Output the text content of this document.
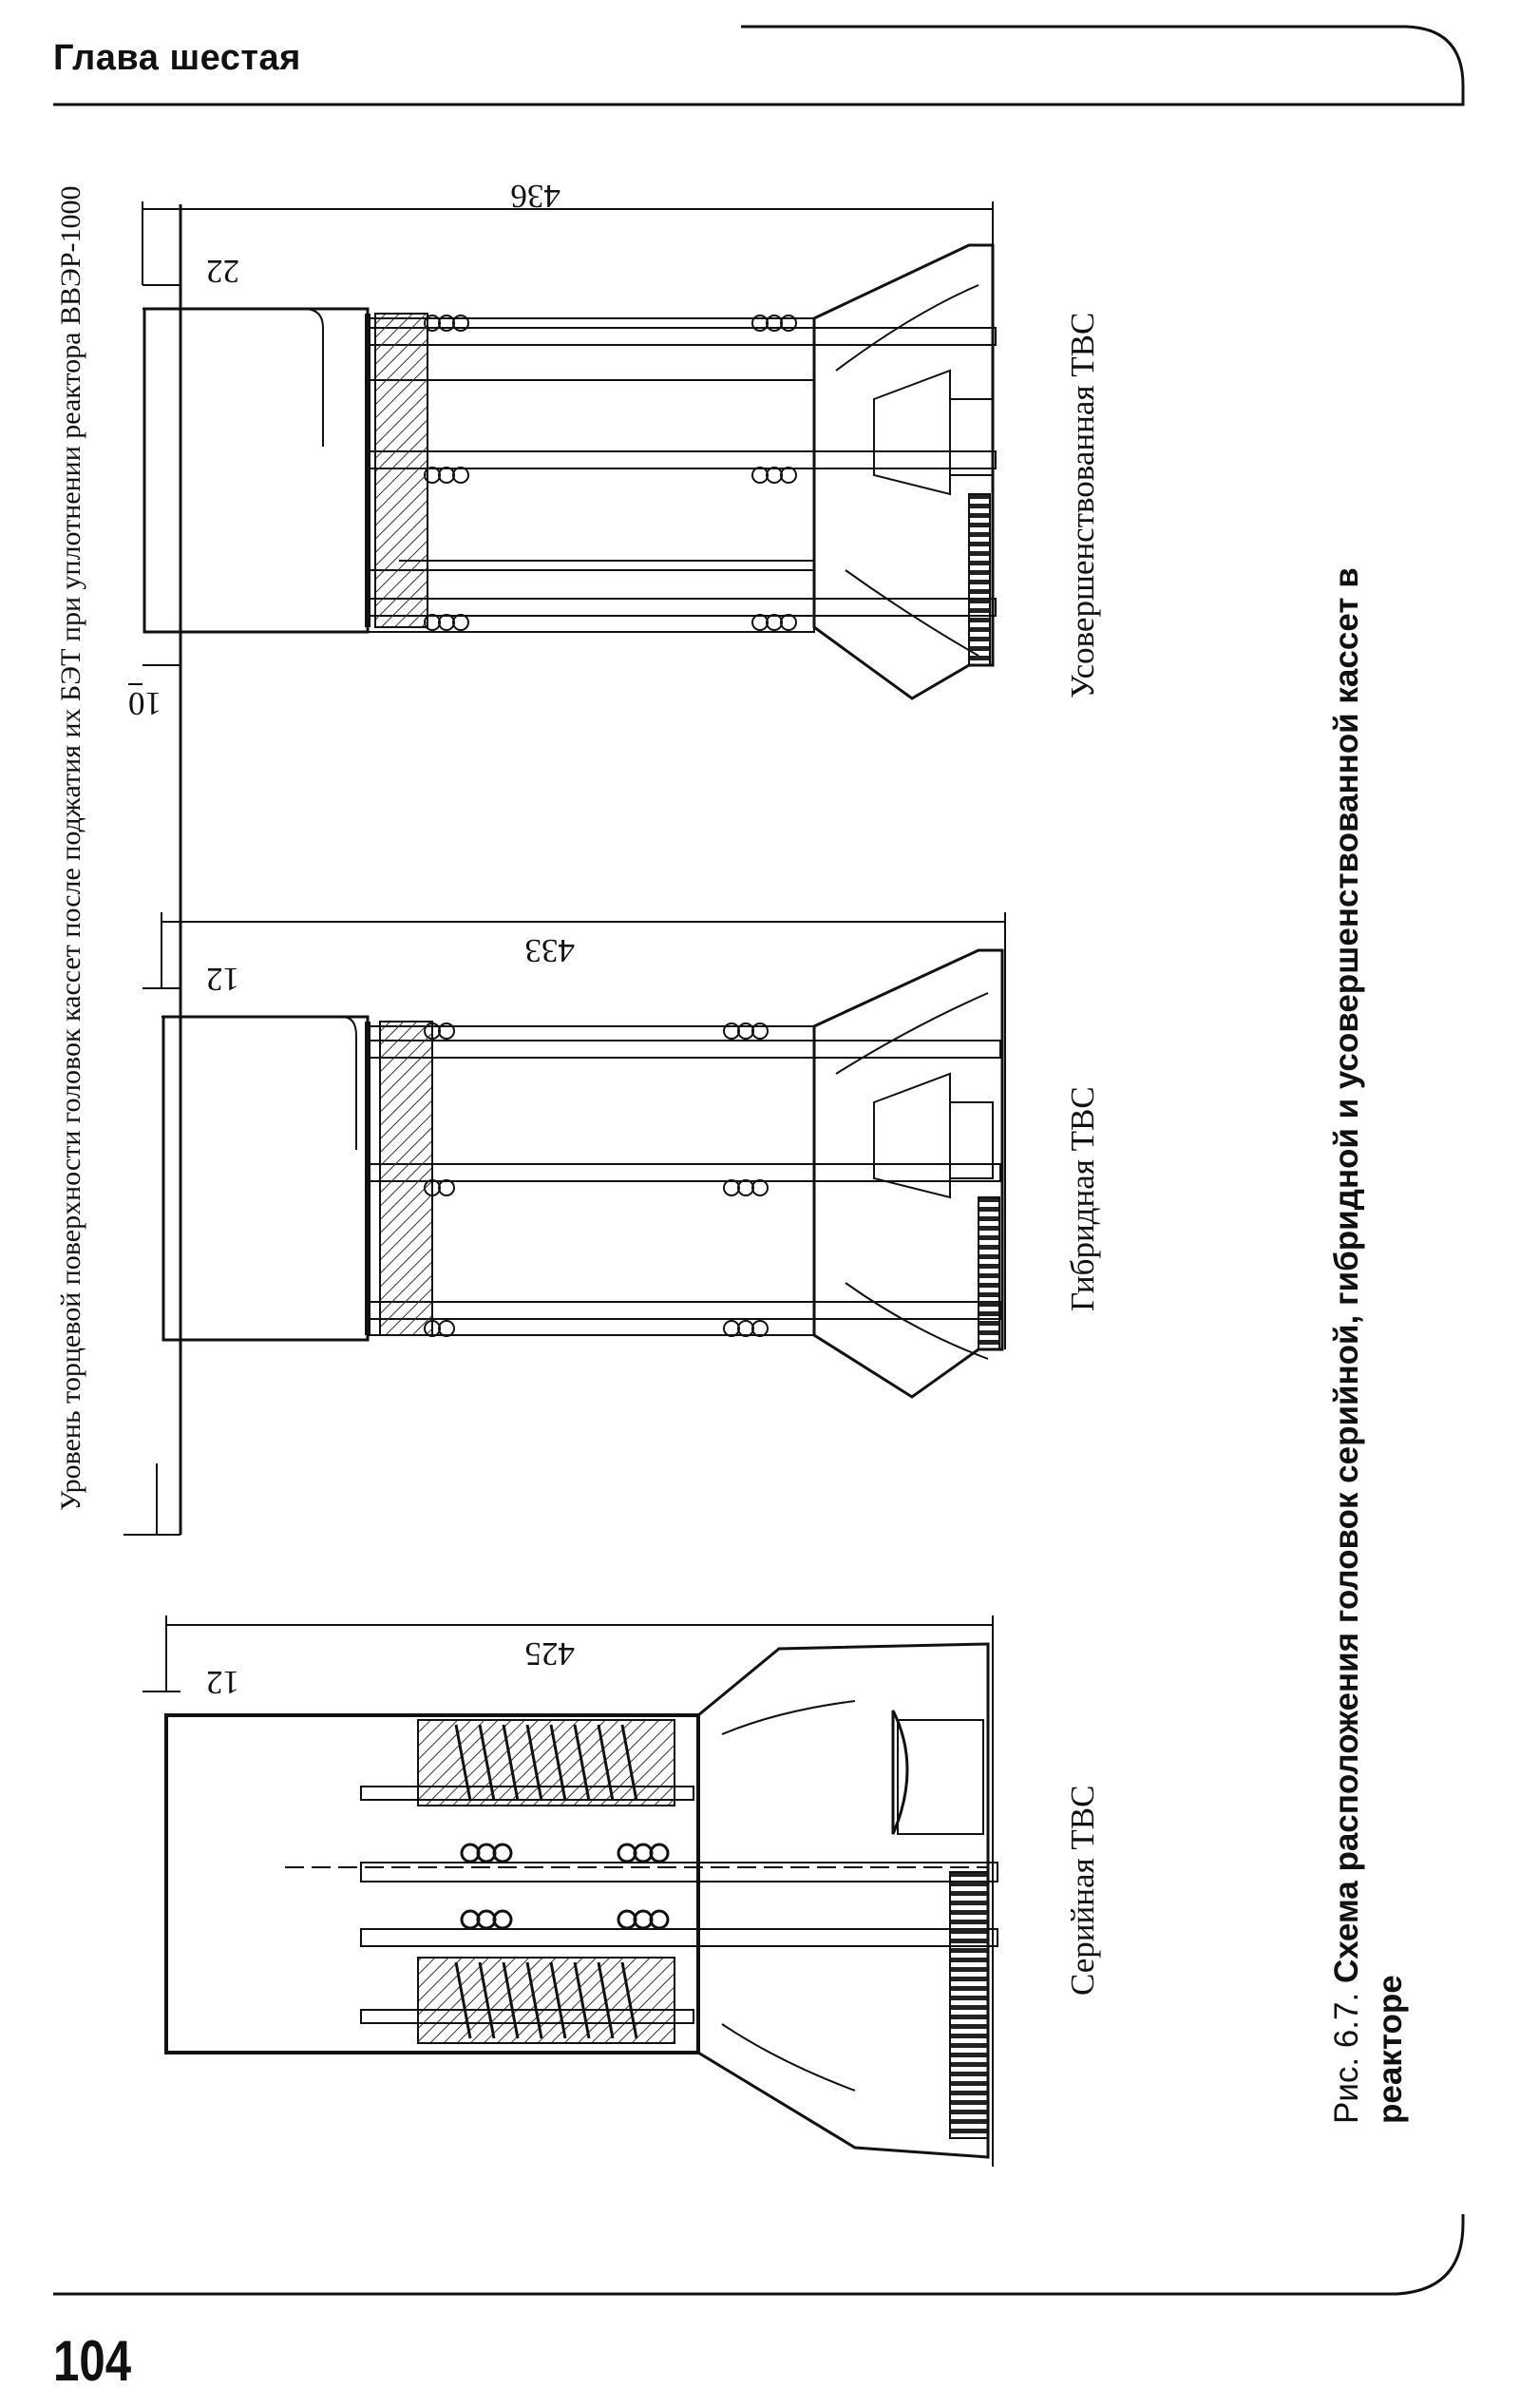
Глава шестая
Уровень торцевой поверхности головок кассет после поджатия их БЭТ при уплотнении реактора ВВЭР-1000	Усовершенствованная ТВС
Гибридная ТВС
Серийная ТВС
436
22
10
433
12
425
12
Рис. 6.7. Схема расположения головок серийной, гибридной и усовершенствованной кассет в
реакторе
104
